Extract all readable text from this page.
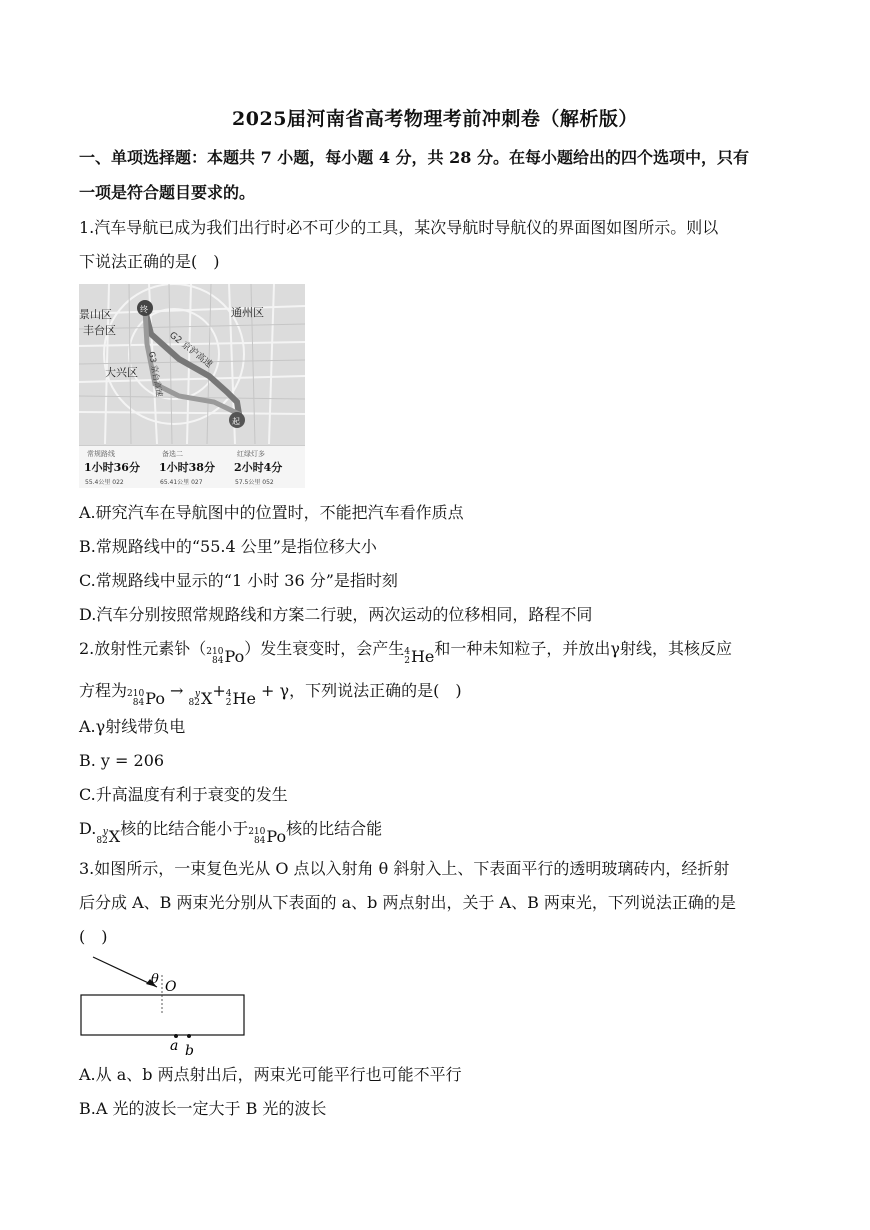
2025届河南省高考物理考前冲刺卷（解析版）
一、单项选择题：本题共 7 小题，每小题 4 分，共 28 分。在每小题给出的四个选项中，只有
一项是符合题目要求的。
1.汽车导航已成为我们出行时必不可少的工具，某次导航时导航仪的界面图如图所示。则以
下说法正确的是(　)
终
起
G2 京沪高速
G3 京台高速
景山区
丰台区
大兴区
通州区
常规路线
1小时36分
55.4公里 022
备选二
1小时38分
65.41公里 027
红绿灯多
2小时4分
57.5公里 052
A.研究汽车在导航图中的位置时，不能把汽车看作质点
B.常规路线中的“55.4 公里”是指位移大小
C.常规路线中显示的“1 小时 36 分”是指时刻
D.汽车分别按照常规路线和方案二行驶，两次运动的位移相同，路程不同
2.放射性元素钋（ 210
84 Po ）发生衰变时，会产生 4
2 He 和一种未知粒子，并放出γ射线，其核反应
方程为 210
84 Po →	y
82 X + 4
2 He + γ，下列说法正确的是(　)
A.γ射线带负电
B. y = 206
C.升高温度有利于衰变的发生
D. y
82 X 核的比结合能小于 210
84 Po 核的比结合能
3.如图所示，一束复色光从 O 点以入射角 θ 斜射入上、下表面平行的透明玻璃砖内，经折射
后分成 A、B 两束光分别从下表面的 a、b 两点射出，关于 A、B 两束光，下列说法正确的是
(　)
θ O
a b
A.从 a、b 两点射出后，两束光可能平行也可能不平行
B.A 光的波长一定大于 B 光的波长
